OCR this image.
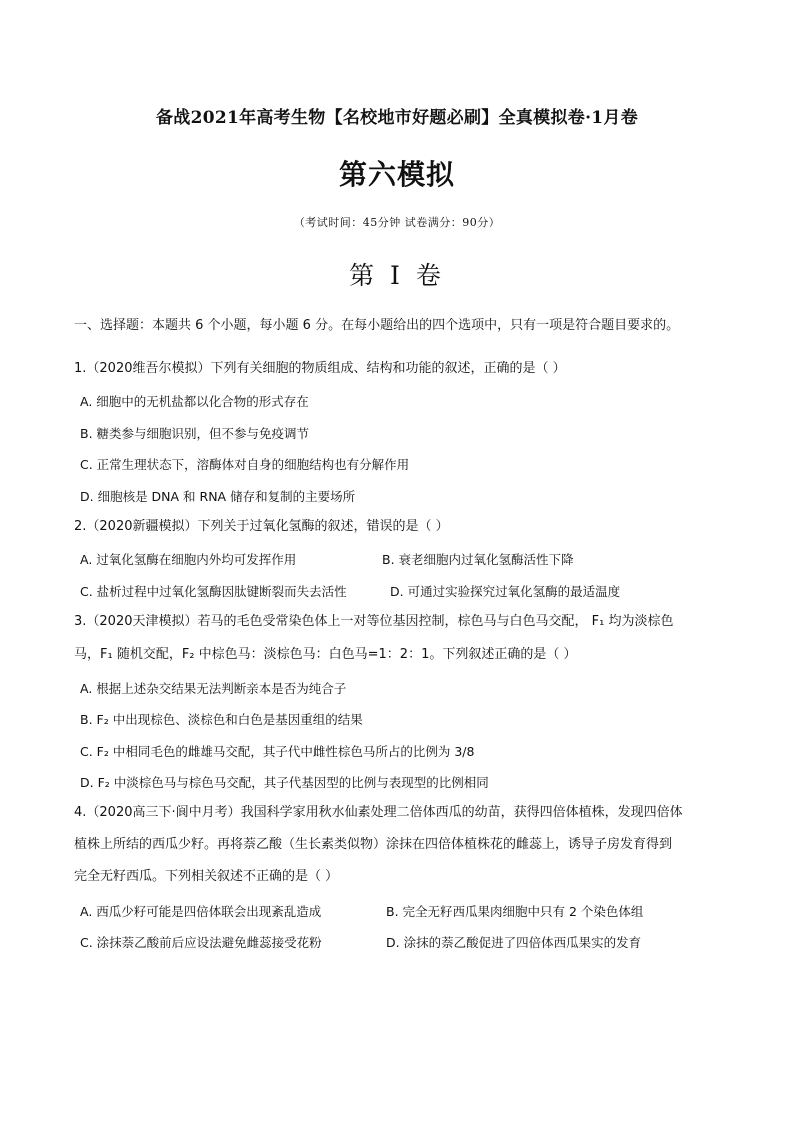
备战2021年高考生物【名校地市好题必刷】全真模拟卷·1月卷
第六模拟
（考试时间：45分钟 试卷满分：90分）
第 I 卷
一、选择题：本题共 6 个小题，每小题 6 分。在每小题给出的四个选项中，只有一项是符合题目要求的。
1.（2020维吾尔模拟）下列有关细胞的物质组成、结构和功能的叙述，正确的是（ ）
A. 细胞中的无机盐都以化合物的形式存在
B. 糖类参与细胞识别，但不参与免疫调节
C. 正常生理状态下，溶酶体对自身的细胞结构也有分解作用
D. 细胞核是 DNA 和 RNA 储存和复制的主要场所
2.（2020新疆模拟）下列关于过氧化氢酶的叙述，错误的是（ ）
A. 过氧化氢酶在细胞内外均可发挥作用	B. 衰老细胞内过氧化氢酶活性下降
C. 盐析过程中过氧化氢酶因肽键断裂而失去活性	D. 可通过实验探究过氧化氢酶的最适温度
3.（2020天津模拟）若马的毛色受常染色体上一对等位基因控制，棕色马与白色马交配， F₁ 均为淡棕色
马，F₁ 随机交配，F₂ 中棕色马：淡棕色马：白色马=1：2：1。下列叙述正确的是（ ）
A. 根据上述杂交结果无法判断亲本是否为纯合子
B. F₂ 中出现棕色、淡棕色和白色是基因重组的结果
C. F₂ 中相同毛色的雌雄马交配，其子代中雌性棕色马所占的比例为 3/8
D. F₂ 中淡棕色马与棕色马交配，其子代基因型的比例与表现型的比例相同
4.（2020高三下·阆中月考）我国科学家用秋水仙素处理二倍体西瓜的幼苗，获得四倍体植株，发现四倍体
植株上所结的西瓜少籽。再将萘乙酸（生长素类似物）涂抹在四倍体植株花的雌蕊上，诱导子房发育得到
完全无籽西瓜。下列相关叙述不正确的是（ ）
A. 西瓜少籽可能是四倍体联会出现紊乱造成	B. 完全无籽西瓜果肉细胞中只有 2 个染色体组
C. 涂抹萘乙酸前后应设法避免雌蕊接受花粉	D. 涂抹的萘乙酸促进了四倍体西瓜果实的发育
